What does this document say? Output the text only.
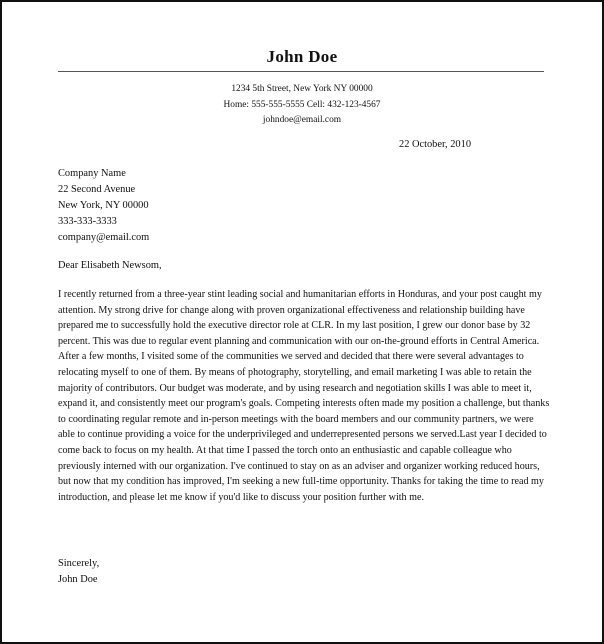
John Doe
1234 5th Street, New York NY 00000
Home: 555-555-5555 Cell: 432-123-4567
johndoe@email.com
22 October, 2010
Company Name
22 Second Avenue
New York, NY 00000
333-333-3333
company@email.com
Dear Elisabeth Newsom,
I recently returned from a three-year stint leading social and humanitarian efforts in Honduras, and your post caught my attention. My strong drive for change along with proven organizational effectiveness and relationship building have prepared me to successfully hold the executive director role at CLR. In my last position, I grew our donor base by 32 percent. This was due to regular event planning and communication with our on-the-ground efforts in Central America. After a few months, I visited some of the communities we served and decided that there were several advantages to relocating myself to one of them. By means of photography, storytelling, and email marketing I was able to retain the majority of contributors. Our budget was moderate, and by using research and negotiation skills I was able to meet it, expand it, and consistently meet our program's goals. Competing interests often made my position a challenge, but thanks to coordinating regular remote and in-person meetings with the board members and our community partners, we were able to continue providing a voice for the underprivileged and underrepresented persons we served.Last year I decided to come back to focus on my health. At that time I passed the torch onto an enthusiastic and capable colleague who previously interned with our organization. I've continued to stay on as an adviser and organizer working reduced hours, but now that my condition has improved, I'm seeking a new full-time opportunity. Thanks for taking the time to read my introduction, and please let me know if you'd like to discuss your position further with me.
Sincerely,
John Doe
